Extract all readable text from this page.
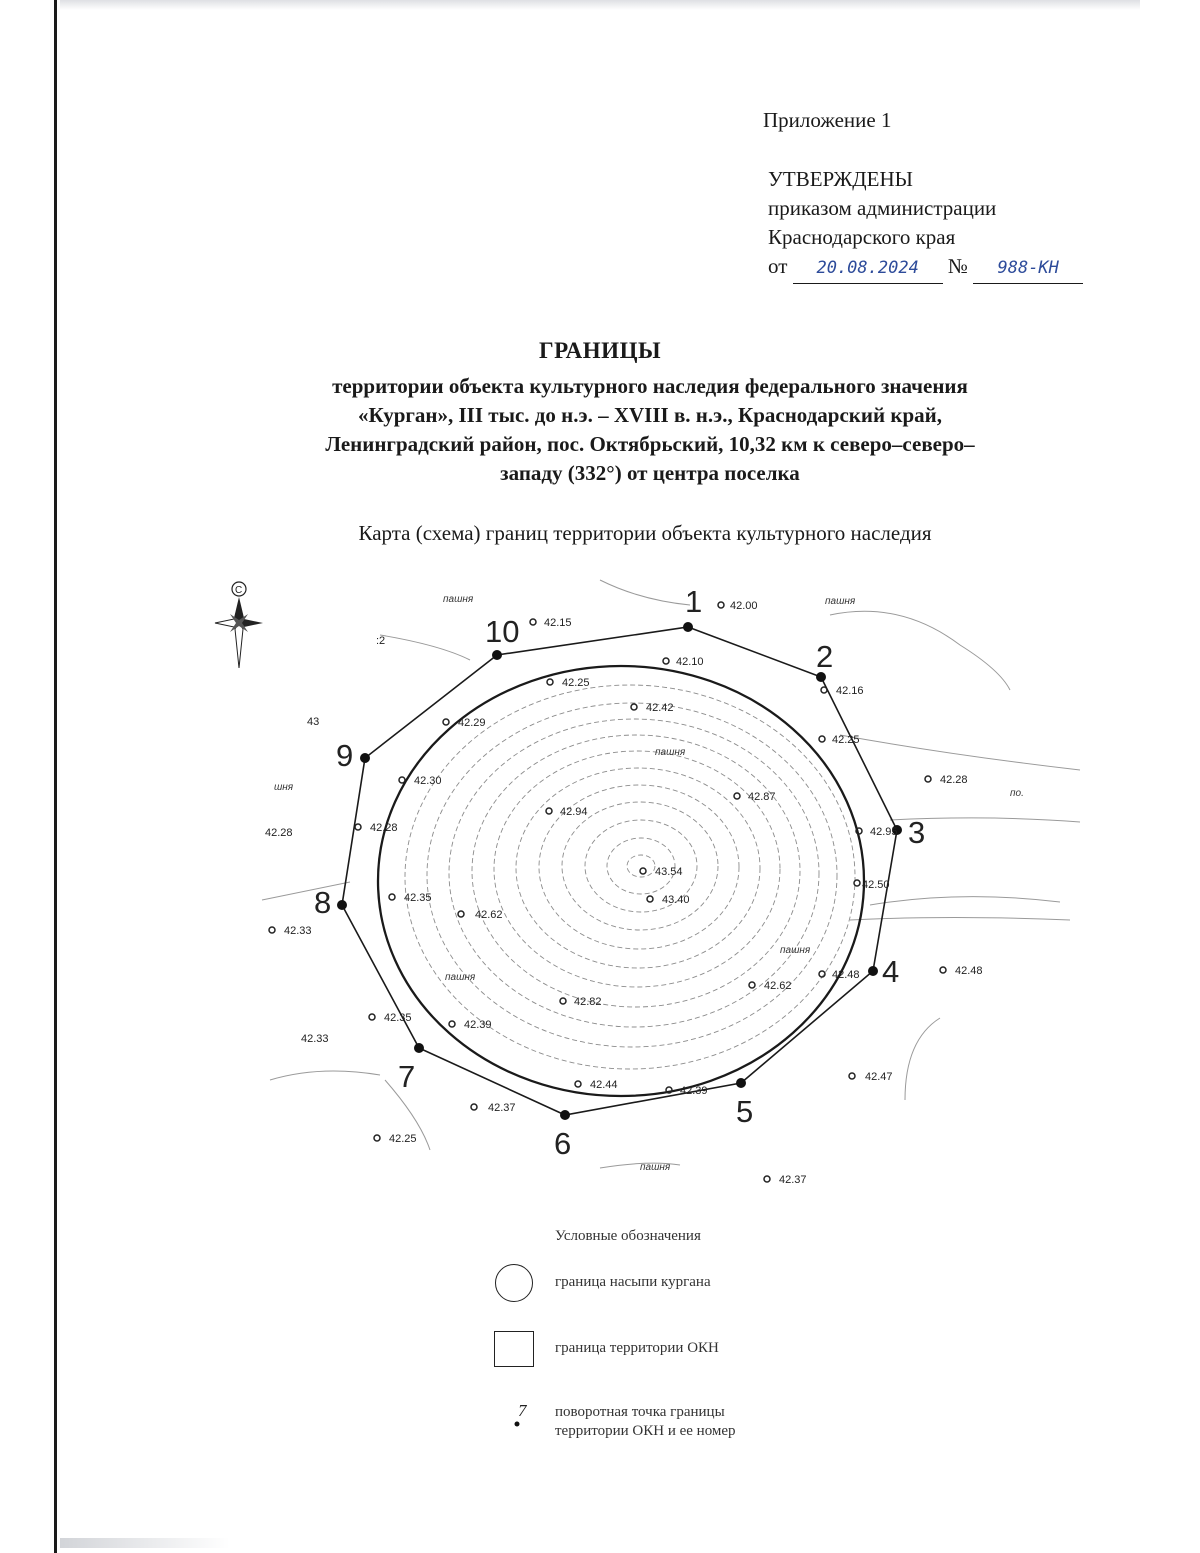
Приложение 1
УТВЕРЖДЕНЫ
приказом администрации
Краснодарского края
от 20.08.2024 № 988-КН
ГРАНИЦЫ
территории объекта культурного наследия федерального значения
«Курган», III тыс. до н.э. – XVIII в. н.э., Краснодарский край,
Ленинградский район, пос. Октябрьский, 10,32 км к северо–северо–
западу (332°) от центра поселка
Карта (схема) границ территории объекта культурного наследия
1
2
3
4
5
6
7
8
9
10
пашня	пашня
пашня
пашня
пашня
пашня
шня
по.
:2
43
42.28
42.00
42.15
42.10
42.25
42.42
42.16
42.25
42.29
42.30	42.28
42.94
42.87
42.28	42.95
43.54
43.40
42.50
42.35
42.62
42.33
42.48	42.48
42.82
42.62
42.35
42.39
42.33
42.47
42.44	42.39
42.37
42.25
42.37
С
Условные обозначения
граница насыпи кургана
граница территории ОКН
7 поворотная точка границы
территории ОКН и ее номер
